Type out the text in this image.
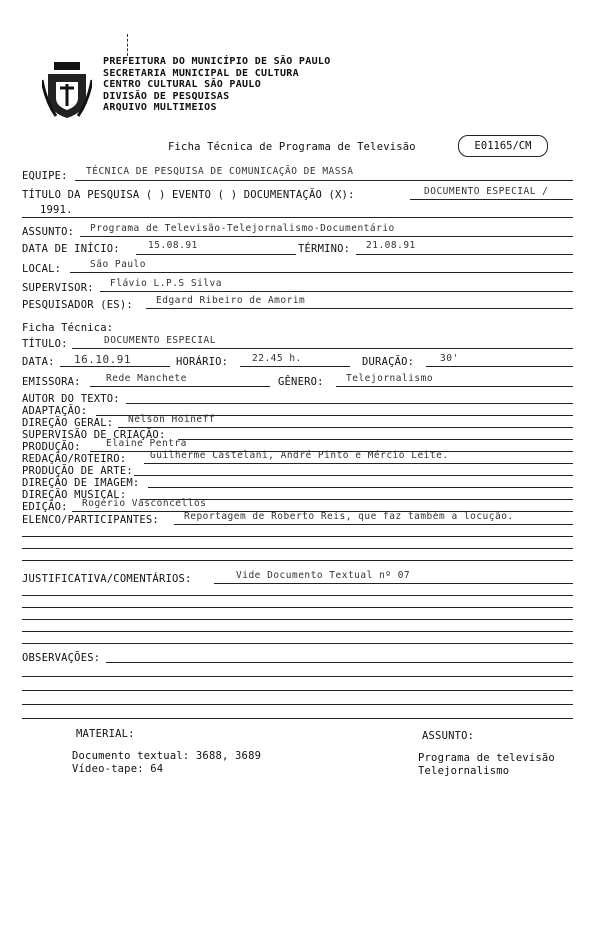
PREFEITURA DO MUNICÍPIO DE SÃO PAULO
SECRETARIA MUNICIPAL DE CULTURA
CENTRO CULTURAL SÃO PAULO
DIVISÃO DE PESQUISAS
ARQUIVO MULTIMEIOS
Ficha Técnica de Programa de Televisão	E01165/CM
EQUIPE: TÉCNICA DE PESQUISA DE COMUNICAÇÃO DE MASSA
TÍTULO DA PESQUISA ( ) EVENTO ( ) DOCUMENTAÇÃO (X):	DOCUMENTO ESPECIAL /
1991.
ASSUNTO: Programa de Televisão-Telejornalismo-Documentário
DATA DE INÍCIO:	15.08.91	TÉRMINO: 21.08.91
LOCAL:	São Paulo
SUPERVISOR: Flávio L.P.S Silva
PESQUISADOR (ES): Edgard Ribeiro de Amorim
Ficha Técnica:
TÍTULO:	DOCUMENTO ESPECIAL
DATA: 16.10.91	HORÁRIO:	22.45 h.	DURAÇÃO:	30'
EMISSORA:	Rede Manchete	GÊNERO: Telejornalismo
AUTOR DO TEXTO:
ADAPTAÇÃO:
DIREÇÃO GERAL: Nelson Hoineff
SUPERVISÃO DE CRIAÇÃO:
PRODUÇÃO:	Elaine Pentra
REDAÇÃO/ROTEIRO: Guilherme Castelani, André Pinto e Mércio Leite.
PRODUÇÃO DE ARTE:
DIREÇÃO DE IMAGEM:
DIREÇÃO MUSICAL:
EDIÇÃO: Rogério Vasconcellos
ELENCO/PARTICIPANTES:	Reportagem de Roberto Reis, que faz também a locução.
JUSTIFICATIVA/COMENTÁRIOS:	Vide Documento Textual nº 07
OBSERVAÇÕES:
MATERIAL:
Documento textual: 3688, 3689
Vídeo-tape: 64
ASSUNTO:
Programa de televisão
Telejornalismo
